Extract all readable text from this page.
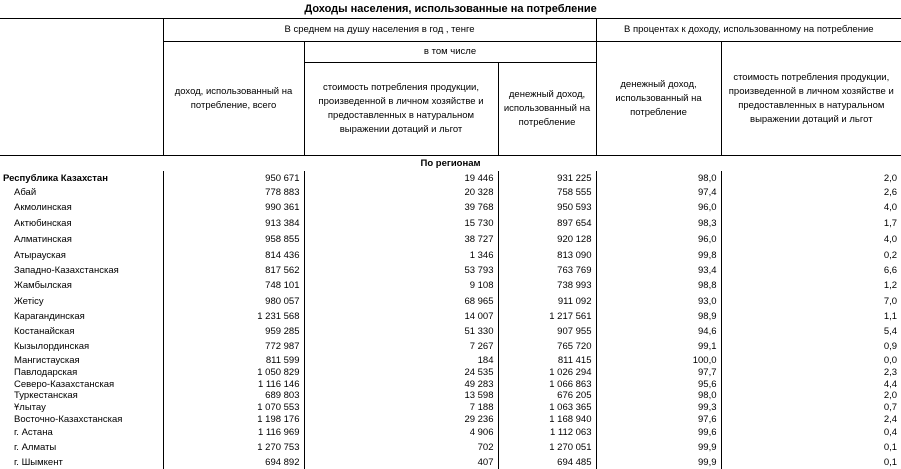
Доходы населения, использованные на потребление					
	В среднем на душу населения в год , тенге			В процентах к доходу, использованному на потребление	
	доход, использованный на потребление, всего	в том числе		денежный доход, использованный на потребление	стоимость потребления продукции, произведенной в личном хозяйстве и предоставленных в натуральном выражении дотаций и льгот
		стоимость потребления продукции, произведенной в личном хозяйстве и предоставленных в натуральном выражении дотаций и льгот	денежный доход, использованный на потребление		
По регионам					
Республика Казахстан	950 671	19 446	931 225	98,0	2,0
Абай	778 883	20 328	758 555	97,4	2,6
Акмолинская	990 361	39 768	950 593	96,0	4,0
Актюбинская	913 384	15 730	897 654	98,3	1,7
Алматинская	958 855	38 727	920 128	96,0	4,0
Атырауская	814 436	1 346	813 090	99,8	0,2
Западно-Казахстанская	817 562	53 793	763 769	93,4	6,6
Жамбылская	748 101	9 108	738 993	98,8	1,2
Жетісу	980 057	68 965	911 092	93,0	7,0
Карагандинская	1 231 568	14 007	1 217 561	98,9	1,1
Костанайская	959 285	51 330	907 955	94,6	5,4
Кызылординская	772 987	7 267	765 720	99,1	0,9
Мангистауская	811 599	184	811 415	100,0	0,0
Павлодарская	1 050 829	24 535	1 026 294	97,7	2,3
Северо-Казахстанская	1 116 146	49 283	1 066 863	95,6	4,4
Туркестанская	689 803	13 598	676 205	98,0	2,0
Ұлытау	1 070 553	7 188	1 063 365	99,3	0,7
Восточно-Казахстанская	1 198 176	29 236	1 168 940	97,6	2,4
г. Астана	1 116 969	4 906	1 112 063	99,6	0,4
г. Алматы	1 270 753	702	1 270 051	99,9	0,1
г. Шымкент	694 892	407	694 485	99,9	0,1
